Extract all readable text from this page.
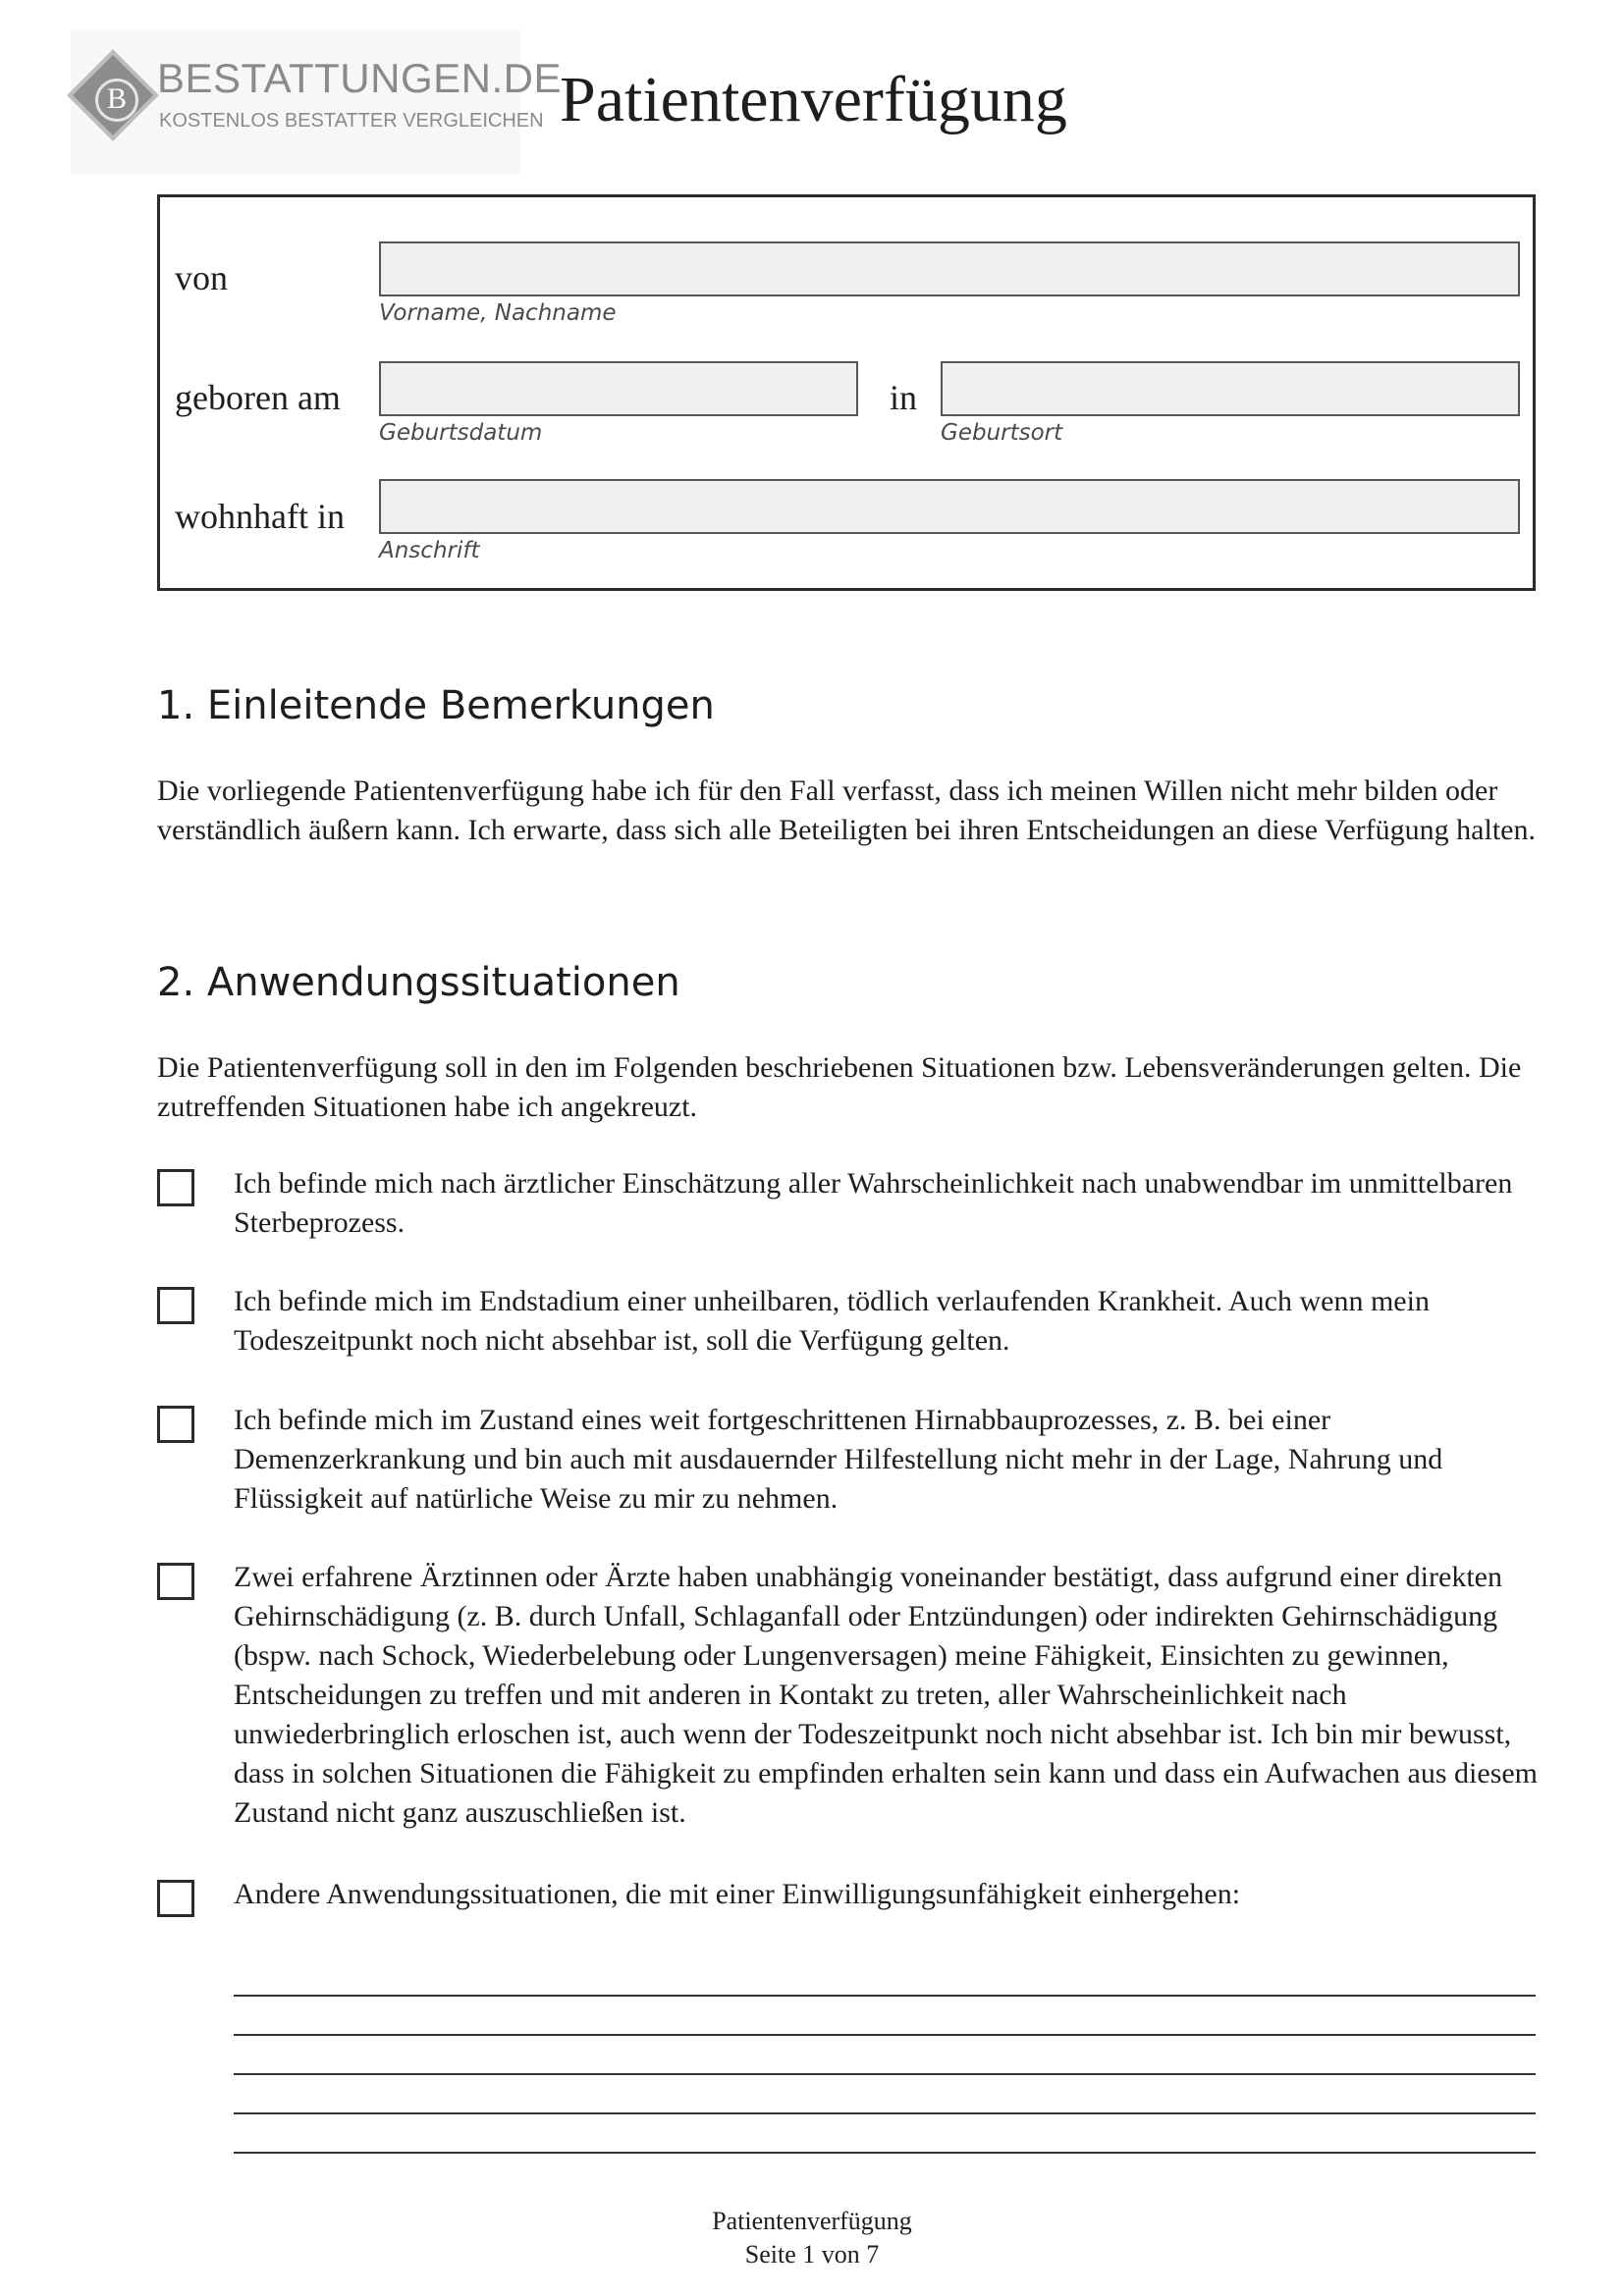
B BESTATTUNGEN.DE
KOSTENLOS BESTATTER VERGLEICHEN Patientenverfügung
von
Vorname, Nachname
geboren am
Geburtsdatum
in
Geburtsort
wohnhaft in
Anschrift
1. Einleitende Bemerkungen
Die vorliegende Patientenverfügung habe ich für den Fall verfasst, dass ich meinen Willen nicht mehr bilden oder verständlich äußern kann. Ich erwarte, dass sich alle Beteiligten bei ihren Entscheidungen an diese Verfügung halten.
2. Anwendungssituationen
Die Patientenverfügung soll in den im Folgenden beschriebenen Situationen bzw. Lebensveränderungen gelten. Die zutreffenden Situationen habe ich angekreuzt.
Ich befinde mich nach ärztlicher Einschätzung aller Wahrscheinlichkeit nach unabwendbar im unmittelbaren Sterbeprozess.
Ich befinde mich im Endstadium einer unheilbaren, tödlich verlaufenden Krankheit. Auch wenn mein Todeszeitpunkt noch nicht absehbar ist, soll die Verfügung gelten.
Ich befinde mich im Zustand eines weit fortgeschrittenen Hirnabbauprozesses, z. B. bei einer Demenzerkrankung und bin auch mit ausdauernder Hilfestellung nicht mehr in der Lage, Nahrung und Flüssigkeit auf natürliche Weise zu mir zu nehmen.
Zwei erfahrene Ärztinnen oder Ärzte haben unabhängig voneinander bestätigt, dass aufgrund einer direkten Gehirnschädigung (z. B. durch Unfall, Schlaganfall oder Entzündungen) oder indirekten Gehirnschädigung (bspw. nach Schock, Wiederbelebung oder Lungenversagen) meine Fähigkeit, Einsichten zu gewinnen, Entscheidungen zu treffen und mit anderen in Kontakt zu treten, aller Wahrscheinlichkeit nach unwiederbringlich erloschen ist, auch wenn der Todeszeitpunkt noch nicht absehbar ist. Ich bin mir bewusst, dass in solchen Situationen die Fähigkeit zu empfinden erhalten sein kann und dass ein Aufwachen aus diesem Zustand nicht ganz auszuschließen ist.
Andere Anwendungssituationen, die mit einer Einwilligungsunfähigkeit einhergehen:
Patientenverfügung
Seite 1 von 7
